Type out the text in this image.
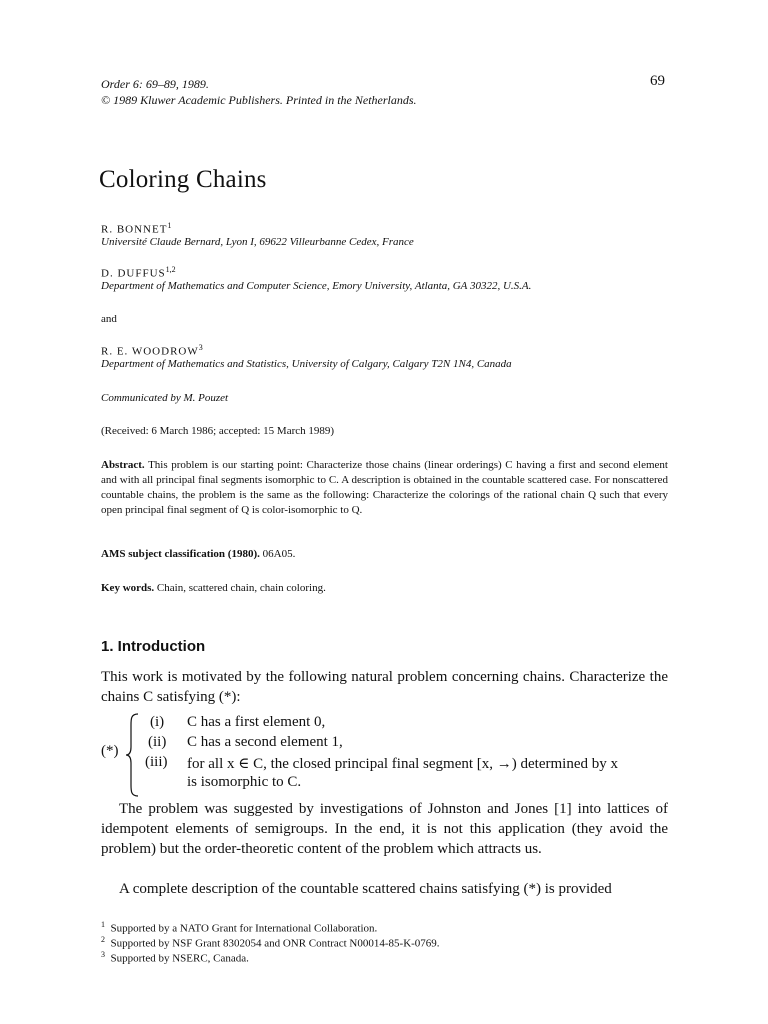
Order 6: 69–89, 1989.
© 1989 Kluwer Academic Publishers. Printed in the Netherlands.
69
Coloring Chains
R. BONNET$^1$
Université Claude Bernard, Lyon I, 69622 Villeurbanne Cedex, France
D. DUFFUS$^{1,2}$
Department of Mathematics and Computer Science, Emory University, Atlanta, GA 30322, U.S.A.
and
R. E. WOODROW$^3$
Department of Mathematics and Statistics, University of Calgary, Calgary T2N 1N4, Canada
Communicated by M. Pouzet
(Received: 6 March 1986; accepted: 15 March 1989)
Abstract. This problem is our starting point: Characterize those chains (linear orderings) C having a first and second element and with all principal final segments isomorphic to C. A description is obtained in the countable scattered case. For nonscattered countable chains, the problem is the same as the following: Characterize the colorings of the rational chain Q such that every open principal final segment of Q is color-isomorphic to Q.
AMS subject classification (1980). 06A05.
Key words. Chain, scattered chain, chain coloring.
1. Introduction
This work is motivated by the following natural problem concerning chains. Characterize the chains C satisfying (*):
(*)
(i) C has a first element 0,
(ii) C has a second element 1,
(iii) for all x ∈ C, the closed principal final segment [x, →) determined by x
is isomorphic to C.
The problem was suggested by investigations of Johnston and Jones [1] into lattices of idempotent elements of semigroups. In the end, it is not this application (they avoid the problem) but the order-theoretic content of the problem which attracts us.
A complete description of the countable scattered chains satisfying (*) is provided
$^1$ Supported by a NATO Grant for International Collaboration.
$^2$ Supported by NSF Grant 8302054 and ONR Contract N00014-85-K-0769.
$^3$ Supported by NSERC, Canada.
